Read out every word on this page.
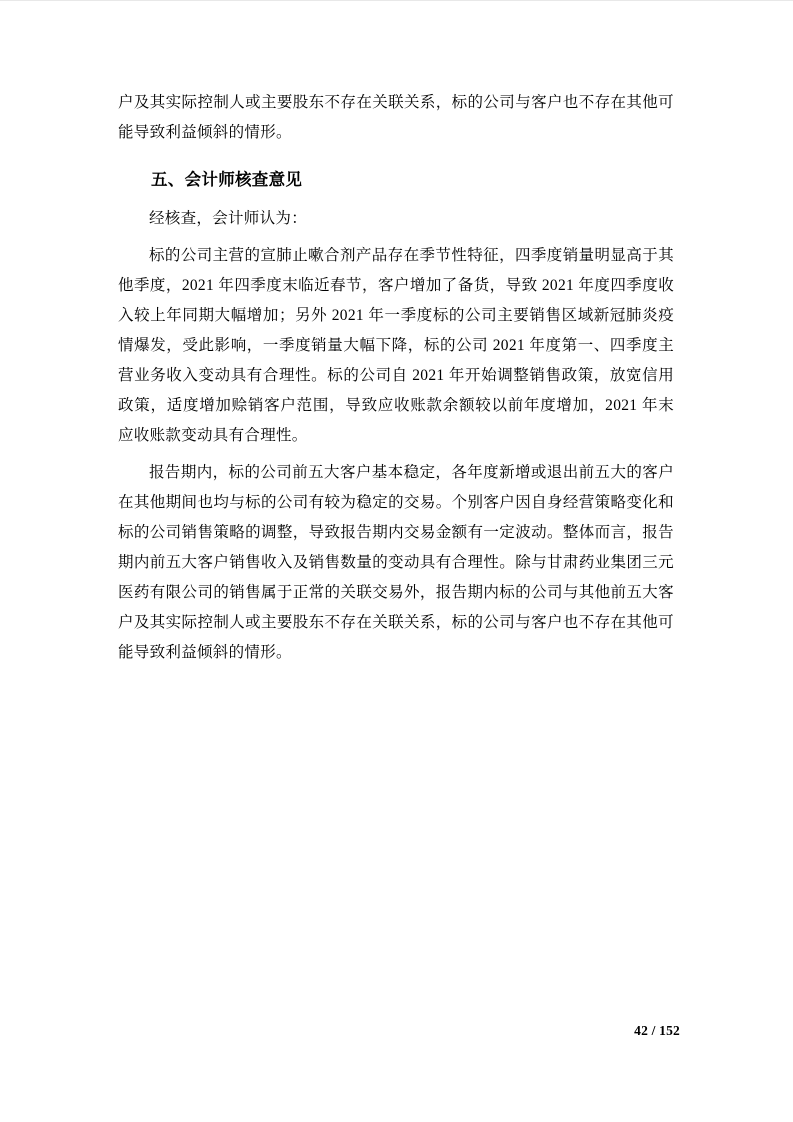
户及其实际控制人或主要股东不存在关联关系，标的公司与客户也不存在其他可能导致利益倾斜的情形。

五、会计师核查意见

经核查，会计师认为：

标的公司主营的宣肺止嗽合剂产品存在季节性特征，四季度销量明显高于其他季度，2021 年四季度末临近春节，客户增加了备货，导致 2021 年度四季度收入较上年同期大幅增加；另外 2021 年一季度标的公司主要销售区域新冠肺炎疫情爆发，受此影响，一季度销量大幅下降，标的公司 2021 年度第一、四季度主营业务收入变动具有合理性。标的公司自 2021 年开始调整销售政策，放宽信用政策，适度增加赊销客户范围，导致应收账款余额较以前年度增加，2021 年末应收账款变动具有合理性。

报告期内，标的公司前五大客户基本稳定，各年度新增或退出前五大的客户在其他期间也均与标的公司有较为稳定的交易。个别客户因自身经营策略变化和标的公司销售策略的调整，导致报告期内交易金额有一定波动。整体而言，报告期内前五大客户销售收入及销售数量的变动具有合理性。除与甘肃药业集团三元医药有限公司的销售属于正常的关联交易外，报告期内标的公司与其他前五大客户及其实际控制人或主要股东不存在关联关系，标的公司与客户也不存在其他可能导致利益倾斜的情形。

42 / 152
